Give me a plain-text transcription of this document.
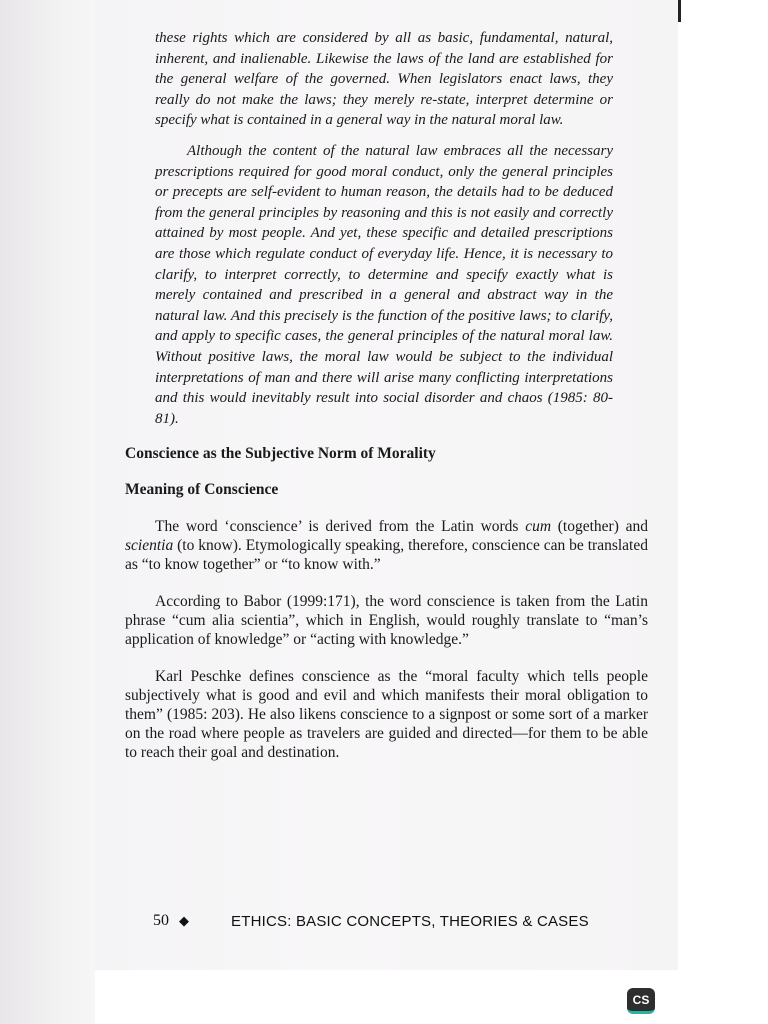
these rights which are considered by all as basic, fundamental, natural, inherent, and inalienable. Likewise the laws of the land are established for the general welfare of the governed. When legislators enact laws, they really do not make the laws; they merely re-state, interpret determine or specify what is contained in a general way in the natural moral law.

Although the content of the natural law embraces all the necessary prescriptions required for good moral conduct, only the general principles or precepts are self-evident to human reason, the details had to be deduced from the general principles by reasoning and this is not easily and correctly attained by most people. And yet, these specific and detailed prescriptions are those which regulate conduct of everyday life. Hence, it is necessary to clarify, to interpret correctly, to determine and specify exactly what is merely contained and prescribed in a general and abstract way in the natural law. And this precisely is the function of the positive laws; to clarify, and apply to specific cases, the general principles of the natural moral law. Without positive laws, the moral law would be subject to the individual interpretations of man and there will arise many conflicting interpretations and this would inevitably result into social disorder and chaos (1985: 80-81).

Conscience as the Subjective Norm of Morality
Meaning of Conscience

The word ‘conscience’ is derived from the Latin words cum (together) and scientia (to know). Etymologically speaking, therefore, conscience can be translated as “to know together” or “to know with.”

According to Babor (1999:171), the word conscience is taken from the Latin phrase “cum alia scientia”, which in English, would roughly translate to “man’s application of knowledge” or “acting with knowledge.”

Karl Peschke defines conscience as the “moral faculty which tells people subjectively what is good and evil and which manifests their moral obligation to them” (1985: 203). He also likens conscience to a signpost or some sort of a marker on the road where people as travelers are guided and directed—for them to be able to reach their goal and destination.

50 ◆	ETHICS: BASIC CONCEPTS, THEORIES & CASES
CS
